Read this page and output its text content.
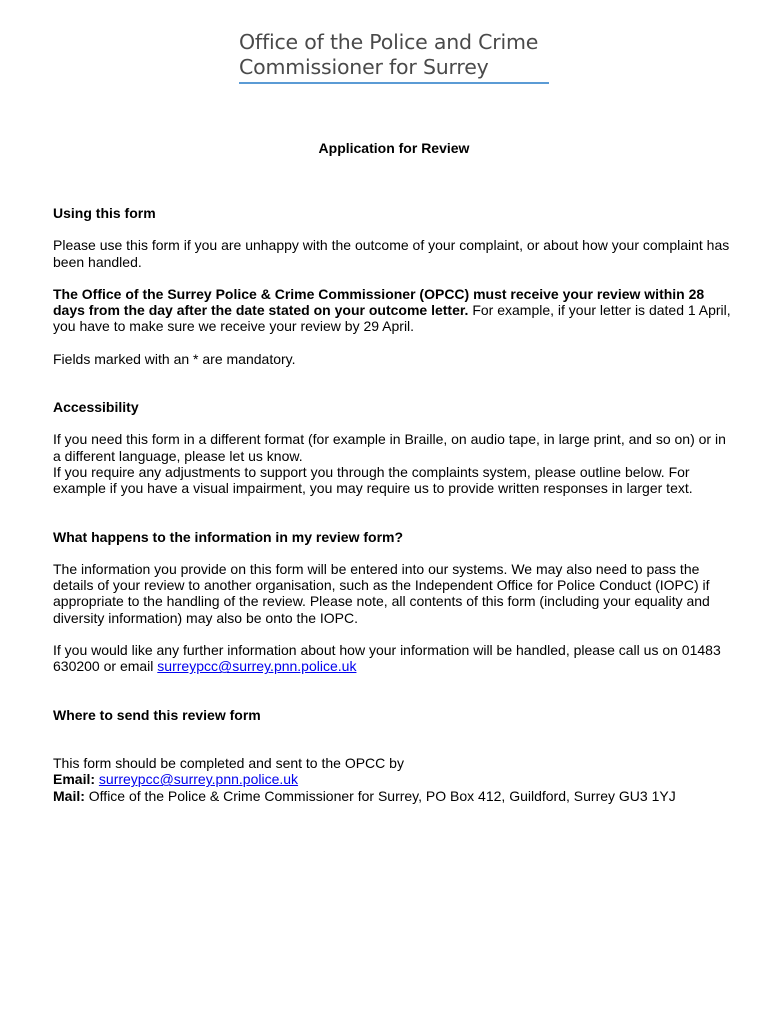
Office of the Police and Crime
Commissioner for Surrey
Application for Review
Using this form

Please use this form if you are unhappy with the outcome of your complaint, or about how your complaint has been handled.

The Office of the Surrey Police & Crime Commissioner (OPCC) must receive your review within 28 days from the day after the date stated on your outcome letter. For example, if your letter is dated 1 April, you have to make sure we receive your review by 29 April.

Fields marked with an * are mandatory.

Accessibility

If you need this form in a different format (for example in Braille, on audio tape, in large print, and so on) or in a different language, please let us know.

If you require any adjustments to support you through the complaints system, please outline below. For example if you have a visual impairment, you may require us to provide written responses in larger text.

What happens to the information in my review form?

The information you provide on this form will be entered into our systems. We may also need to pass the details of your review to another organisation, such as the Independent Office for Police Conduct (IOPC) if appropriate to the handling of the review. Please note, all contents of this form (including your equality and diversity information) may also be onto the IOPC.

If you would like any further information about how your information will be handled, please call us on 01483 630200 or email surreypcc@surrey.pnn.police.uk

Where to send this review form

This form should be completed and sent to the OPCC by

Email: surreypcc@surrey.pnn.police.uk

Mail: Office of the Police & Crime Commissioner for Surrey, PO Box 412, Guildford, Surrey GU3 1YJ
